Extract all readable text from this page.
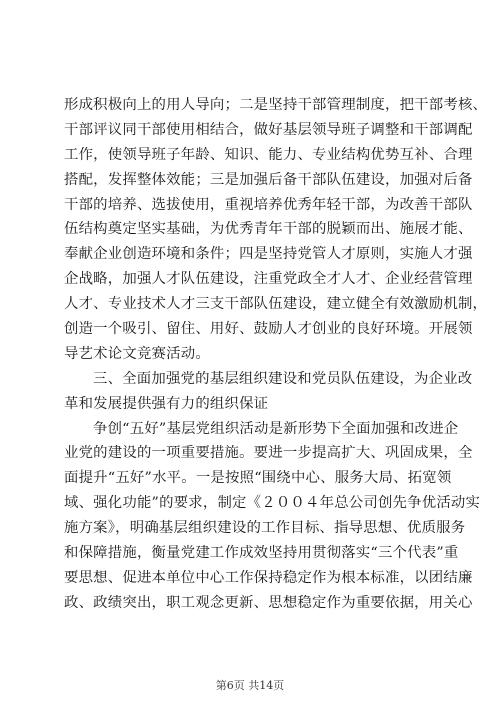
形成积极向上的用人导向；二是坚持干部管理制度，把干部考核、
干部评议同干部使用相结合，做好基层领导班子调整和干部调配
工作，使领导班子年龄、知识、能力、专业结构优势互补、合理
搭配，发挥整体效能；三是加强后备干部队伍建设，加强对后备
干部的培养、选拔使用，重视培养优秀年轻干部，为改善干部队
伍结构奠定坚实基础，为优秀青年干部的脱颖而出、施展才能、
奉献企业创造环境和条件；四是坚持党管人才原则，实施人才强
企战略，加强人才队伍建设，注重党政全才人才、企业经营管理
人才、专业技术人才三支干部队伍建设，建立健全有效激励机制，
创造一个吸引、留住、用好、鼓励人才创业的良好环境。开展领
导艺术论文竞赛活动。
三、全面加强党的基层组织建设和党员队伍建设，为企业改
革和发展提供强有力的组织保证
争创“五好”基层党组织活动是新形势下全面加强和改进企
业党的建设的一项重要措施。要进一步提高扩大、巩固成果，全
面提升“五好”水平。一是按照“围绕中心、服务大局、拓宽领
域、强化功能”的要求，制定《２００４年总公司创先争优活动实
施方案》，明确基层组织建设的工作目标、指导思想、优质服务
和保障措施，衡量党建工作成效坚持用贯彻落实“三个代表”重
要思想、促进本单位中心工作保持稳定作为根本标准，以团结廉
政、政绩突出，职工观念更新、思想稳定作为重要依据，用关心
第6页 共14页
